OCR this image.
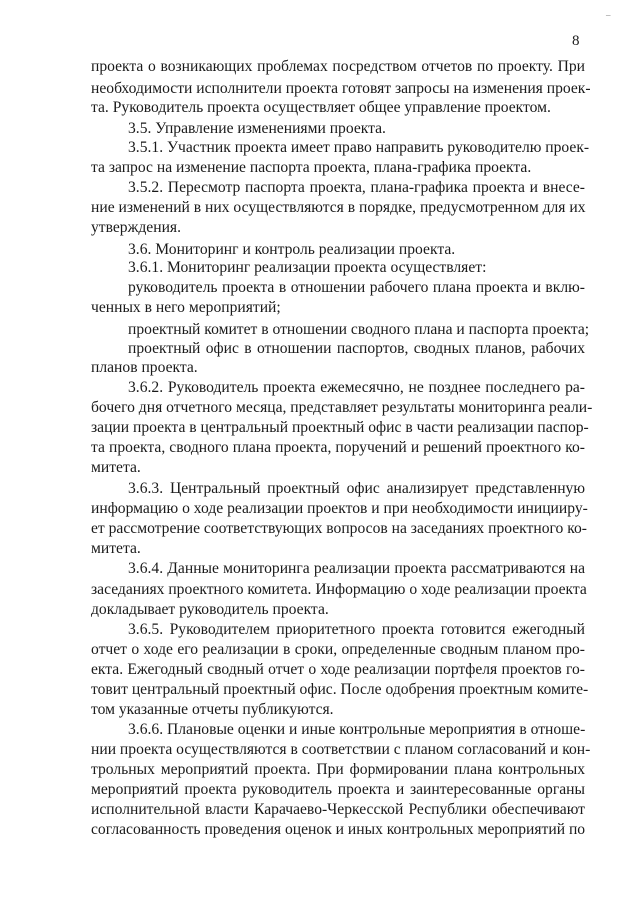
–
8
проекта о возникающих проблемах посредством отчетов по проекту. При
необходимости исполнители проекта готовят запросы на изменения проек-
та. Руководитель проекта осуществляет общее управление проектом.
3.5. Управление изменениями проекта.
3.5.1. Участник проекта имеет право направить руководителю проек-
та запрос на изменение паспорта проекта, плана-графика проекта.
3.5.2. Пересмотр паспорта проекта, плана-графика проекта и внесе-
ние изменений в них осуществляются в порядке, предусмотренном для их
утверждения.
3.6. Мониторинг и контроль реализации проекта.
3.6.1. Мониторинг реализации проекта осуществляет:
руководитель проекта в отношении рабочего плана проекта и вклю-
ченных в него мероприятий;
проектный комитет в отношении сводного плана и паспорта проекта;
проектный офис в отношении паспортов, сводных планов, рабочих
планов проекта.
3.6.2. Руководитель проекта ежемесячно, не позднее последнего ра-
бочего дня отчетного месяца, представляет результаты мониторинга реали-
зации проекта в центральный проектный офис в части реализации паспор-
та проекта, сводного плана проекта, поручений и решений проектного ко-
митета.
3.6.3. Центральный проектный офис анализирует представленную
информацию о ходе реализации проектов и при необходимости иницииру-
ет рассмотрение соответствующих вопросов на заседаниях проектного ко-
митета.
3.6.4. Данные мониторинга реализации проекта рассматриваются на
заседаниях проектного комитета. Информацию о ходе реализации проекта
докладывает руководитель проекта.
3.6.5. Руководителем приоритетного проекта готовится ежегодный
отчет о ходе его реализации в сроки, определенные сводным планом про-
екта. Ежегодный сводный отчет о ходе реализации портфеля проектов го-
товит центральный проектный офис. После одобрения проектным комите-
том указанные отчеты публикуются.
3.6.6. Плановые оценки и иные контрольные мероприятия в отноше-
нии проекта осуществляются в соответствии с планом согласований и кон-
трольных мероприятий проекта. При формировании плана контрольных
мероприятий проекта руководитель проекта и заинтересованные органы
исполнительной власти Карачаево-Черкесской Республики обеспечивают
согласованность проведения оценок и иных контрольных мероприятий по
